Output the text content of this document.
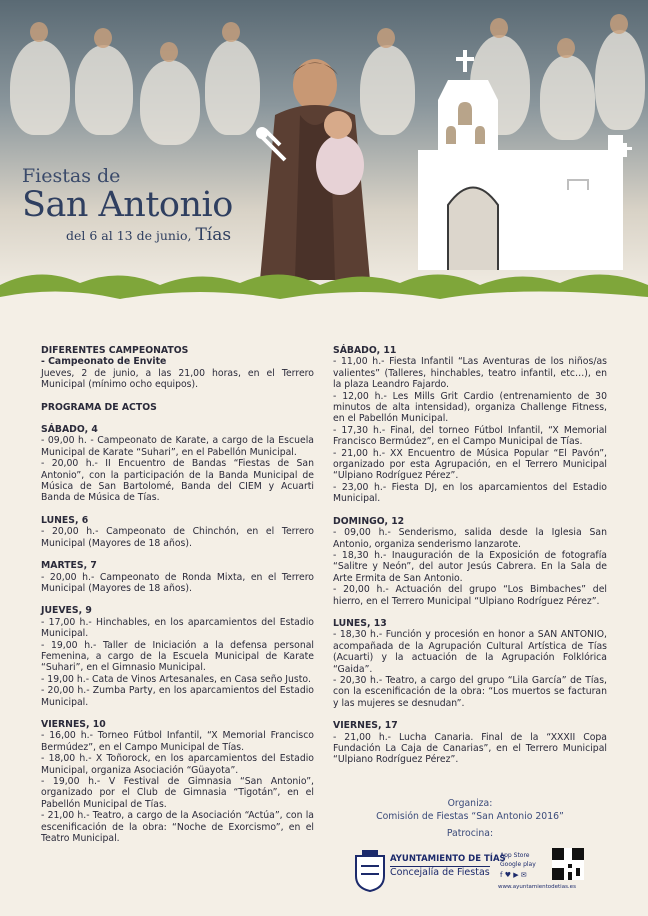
Fiestas de

San Antonio

del 6 al 13 de junio, Tías

DIFERENTES CAMPEONATOS

- Campeonato de Envite

Jueves, 2 de junio, a las 21,00 horas, en el Terrero Municipal (mínimo ocho equipos).

PROGRAMA DE ACTOS

SÁBADO, 4

- 09,00 h. - Campeonato de Karate, a cargo de la Escuela Municipal de Karate “Suhari”, en el Pabellón Municipal.

- 20,00 h.- II Encuentro de Bandas “Fiestas de San Antonio”, con la participación de la Banda Municipal de Música de San Bartolomé, Banda del CIEM y Acuarti Banda de Música de Tías.

LUNES, 6

- 20,00 h.- Campeonato de Chinchón, en el Terrero Municipal (Mayores de 18 años).

MARTES, 7

- 20,00 h.- Campeonato de Ronda Mixta, en el Terrero Municipal (Mayores de 18 años).

JUEVES, 9

- 17,00 h.- Hinchables, en los aparcamientos del Estadio Municipal.

- 19,00 h.- Taller de Iniciación a la defensa personal Femenina, a cargo de la Escuela Municipal de Karate “Suhari”, en el Gimnasio Municipal.

- 19,00 h.- Cata de Vinos Artesanales, en Casa seño Justo.

- 20,00 h.- Zumba Party, en los aparcamientos del Estadio Municipal.

VIERNES, 10

- 16,00 h.- Torneo Fútbol Infantil, “X Memorial Francisco Bermúdez”, en el Campo Municipal de Tías.

- 18,00 h.- X Toñorock, en los aparcamientos del Estadio Municipal, organiza Asociación “Güayota”.

- 19,00 h.- V Festival de Gimnasia “San Antonio”, organizado por el Club de Gimnasia “Tigotán”, en el Pabellón Municipal de Tías.

- 21,00 h.- Teatro, a cargo de la Asociación “Actúa”, con la escenificación de la obra: “Noche de Exorcismo”, en el Teatro Municipal.

SÁBADO, 11

- 11,00 h.- Fiesta Infantil “Las Aventuras de los niños/as valientes” (Talleres, hinchables, teatro infantil, etc…), en la plaza Leandro Fajardo.

- 12,00 h.- Les Mills Grit Cardio (entrenamiento de 30 minutos de alta intensidad), organiza Challenge Fitness, en el Pabellón Municipal.

- 17,30 h.- Final, del torneo Fútbol Infantil, “X Memorial Francisco Bermúdez”, en el Campo Municipal de Tías.

- 21,00 h.- XX Encuentro de Música Popular “El Pavón”, organizado por esta Agrupación, en el Terrero Municipal “Ulpiano Rodríguez Pérez”.

- 23,00 h.- Fiesta DJ, en los aparcamientos del Estadio Municipal.

DOMINGO, 12

- 09,00 h.- Senderismo, salida desde la Iglesia San Antonio, organiza senderismo lanzarote.

- 18,30 h.- Inauguración de la Exposición de fotografía “Salitre y Neón”, del autor Jesús Cabrera. En la Sala de Arte Ermita de San Antonio.

- 20,00 h.- Actuación del grupo “Los Bimbaches” del hierro, en el Terrero Municipal “Ulpiano Rodríguez Pérez”.

LUNES, 13

- 18,30 h.- Función y procesión en honor a SAN ANTONIO, acompañada de la Agrupación Cultural Artística de Tías (Acuarti) y la actuación de la Agrupación Folklórica “Gaida”.

- 20,30 h.- Teatro, a cargo del grupo “Lila García” de Tías, con la escenificación de la obra: “Los muertos se facturan y las mujeres se desnudan”.

VIERNES, 17

- 21,00 h.- Lucha Canaria. Final de la “XXXII Copa Fundación La Caja de Canarias”, en el Terrero Municipal “Ulpiano Rodríguez Pérez”.

Organiza:
Comisión de Fiestas “San Antonio 2016”
Patrocina:
AYUNTAMIENTO DE TÍAS
Concejalía de Fiestas
App Store
Google play
f ♥ ▶ ✉
www.ayuntamientodetias.es
